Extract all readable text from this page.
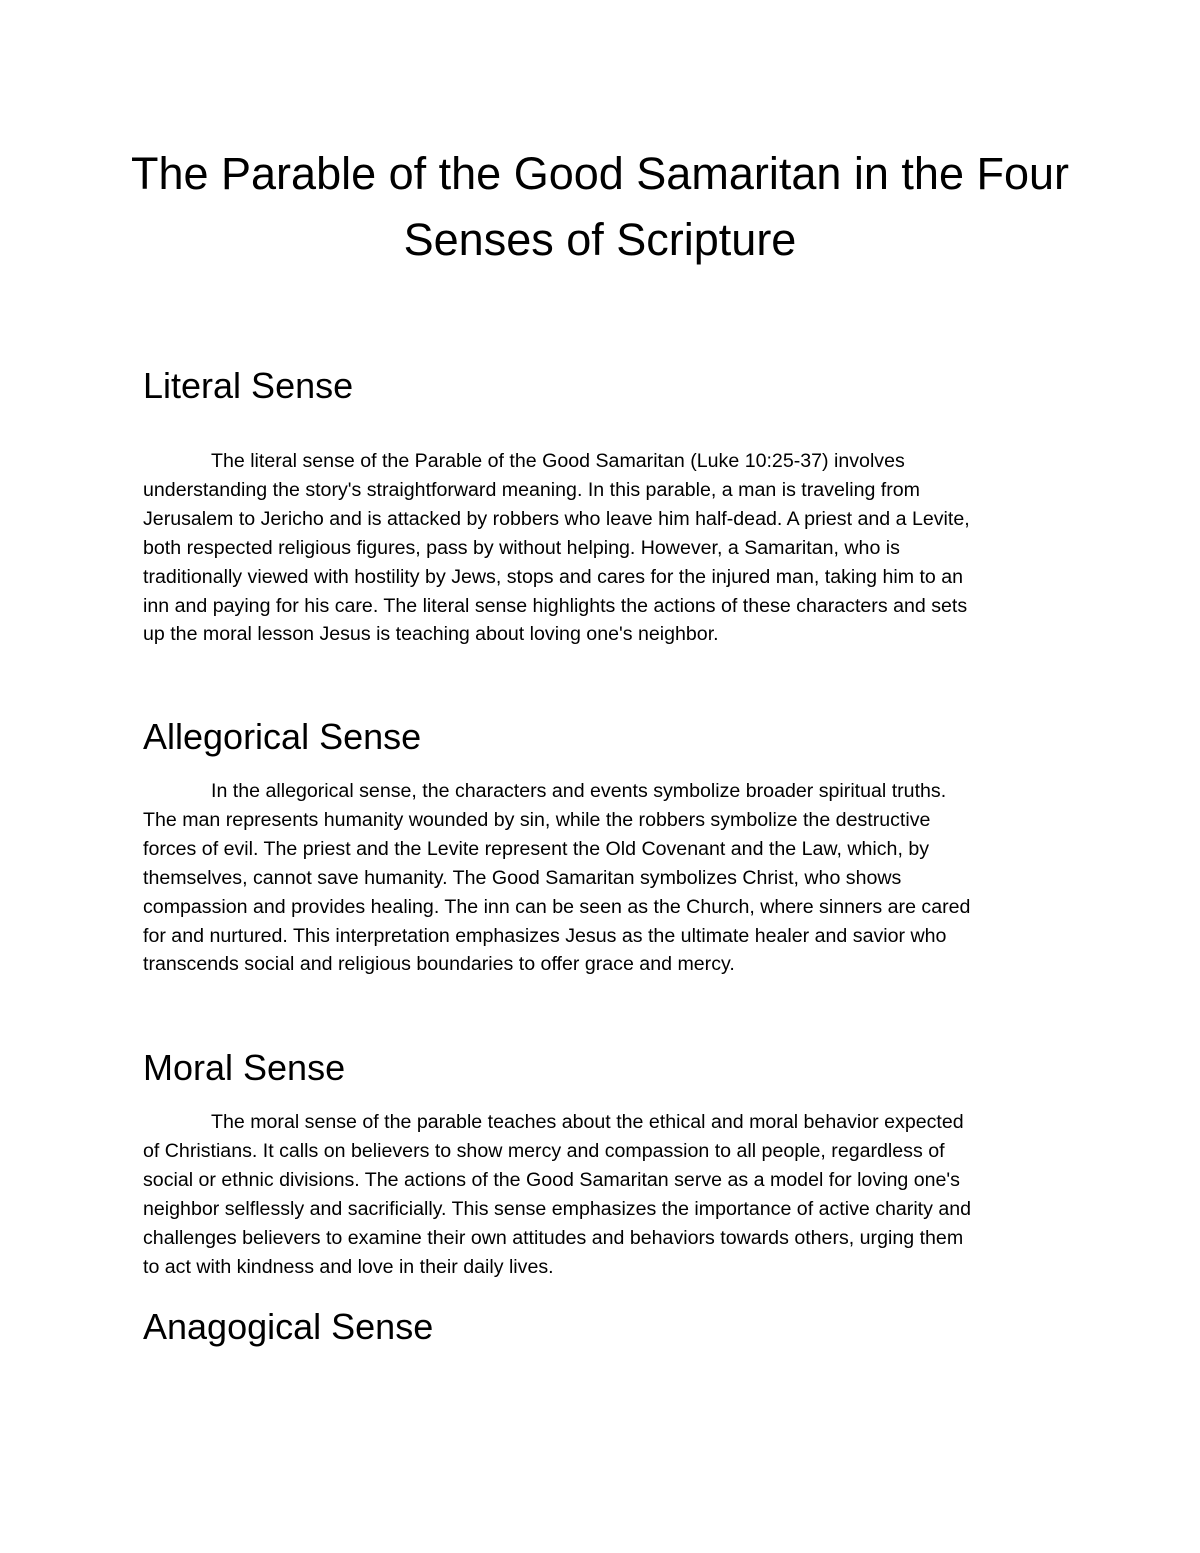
The Parable of the Good Samaritan in the Four Senses of Scripture
Literal Sense

The literal sense of the Parable of the Good Samaritan (Luke 10:25-37) involves
understanding the story's straightforward meaning. In this parable, a man is traveling from
Jerusalem to Jericho and is attacked by robbers who leave him half-dead. A priest and a Levite,
both respected religious figures, pass by without helping. However, a Samaritan, who is
traditionally viewed with hostility by Jews, stops and cares for the injured man, taking him to an
inn and paying for his care. The literal sense highlights the actions of these characters and sets
up the moral lesson Jesus is teaching about loving one's neighbor.

Allegorical Sense

In the allegorical sense, the characters and events symbolize broader spiritual truths.
The man represents humanity wounded by sin, while the robbers symbolize the destructive
forces of evil. The priest and the Levite represent the Old Covenant and the Law, which, by
themselves, cannot save humanity. The Good Samaritan symbolizes Christ, who shows
compassion and provides healing. The inn can be seen as the Church, where sinners are cared
for and nurtured. This interpretation emphasizes Jesus as the ultimate healer and savior who
transcends social and religious boundaries to offer grace and mercy.

Moral Sense

The moral sense of the parable teaches about the ethical and moral behavior expected
of Christians. It calls on believers to show mercy and compassion to all people, regardless of
social or ethnic divisions. The actions of the Good Samaritan serve as a model for loving one's
neighbor selflessly and sacrificially. This sense emphasizes the importance of active charity and
challenges believers to examine their own attitudes and behaviors towards others, urging them
to act with kindness and love in their daily lives.

Anagogical Sense
